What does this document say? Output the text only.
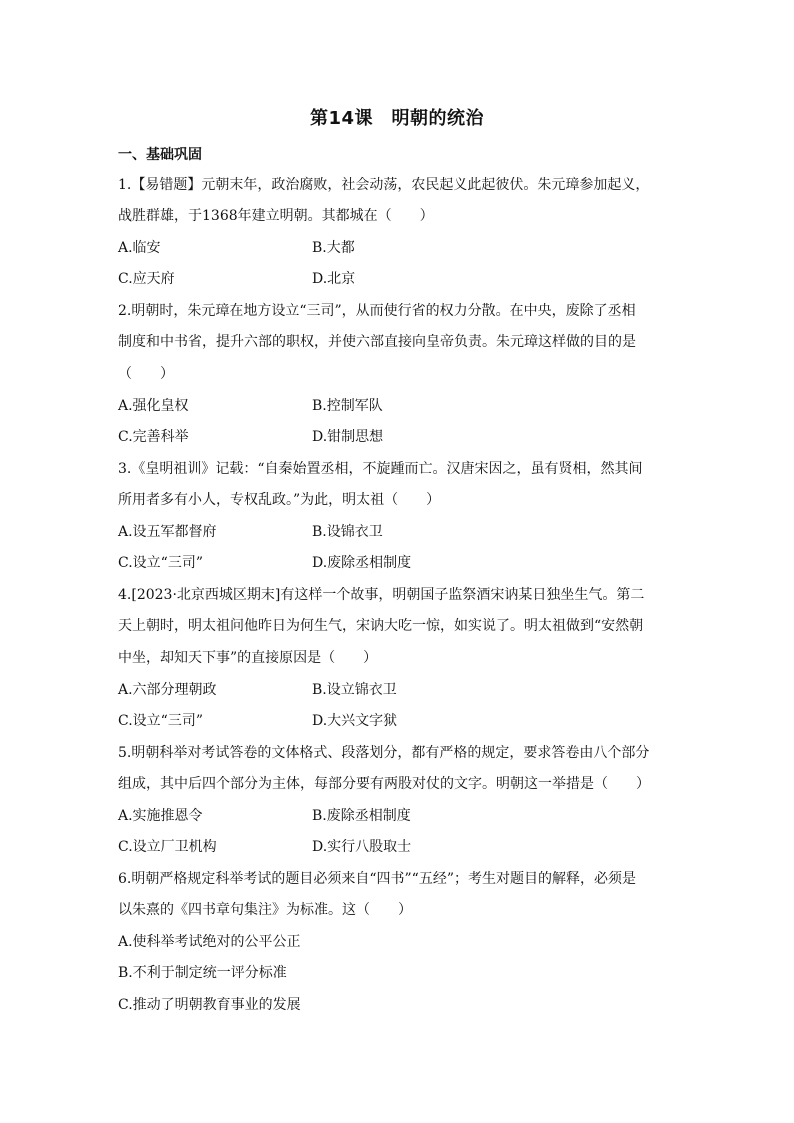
第14课　明朝的统治
一、基础巩固
1.【易错题】元朝末年，政治腐败，社会动荡，农民起义此起彼伏。朱元璋参加起义，
战胜群雄，于1368年建立明朝。其都城在（　　）
A.临安	B.大都
C.应天府	D.北京
2.明朝时，朱元璋在地方设立“三司”，从而使行省的权力分散。在中央，废除了丞相
制度和中书省，提升六部的职权，并使六部直接向皇帝负责。朱元璋这样做的目的是
（　　）
A.强化皇权	B.控制军队
C.完善科举	D.钳制思想
3.《皇明祖训》记载：“自秦始置丞相，不旋踵而亡。汉唐宋因之，虽有贤相，然其间
所用者多有小人，专权乱政。”为此，明太祖（　　）
A.设五军都督府	B.设锦衣卫
C.设立“三司”	D.废除丞相制度
4.[2023·北京西城区期末]有这样一个故事，明朝国子监祭酒宋讷某日独坐生气。第二
天上朝时，明太祖问他昨日为何生气，宋讷大吃一惊，如实说了。明太祖做到“安然朝
中坐，却知天下事”的直接原因是（　　）
A.六部分理朝政	B.设立锦衣卫
C.设立“三司”	D.大兴文字狱
5.明朝科举对考试答卷的文体格式、段落划分，都有严格的规定，要求答卷由八个部分
组成，其中后四个部分为主体，每部分要有两股对仗的文字。明朝这一举措是（　　）
A.实施推恩令	B.废除丞相制度
C.设立厂卫机构	D.实行八股取士
6.明朝严格规定科举考试的题目必须来自“四书”“五经”；考生对题目的解释，必须是
以朱熹的《四书章句集注》为标准。这（　　）
A.使科举考试绝对的公平公正
B.不利于制定统一评分标准
C.推动了明朝教育事业的发展
